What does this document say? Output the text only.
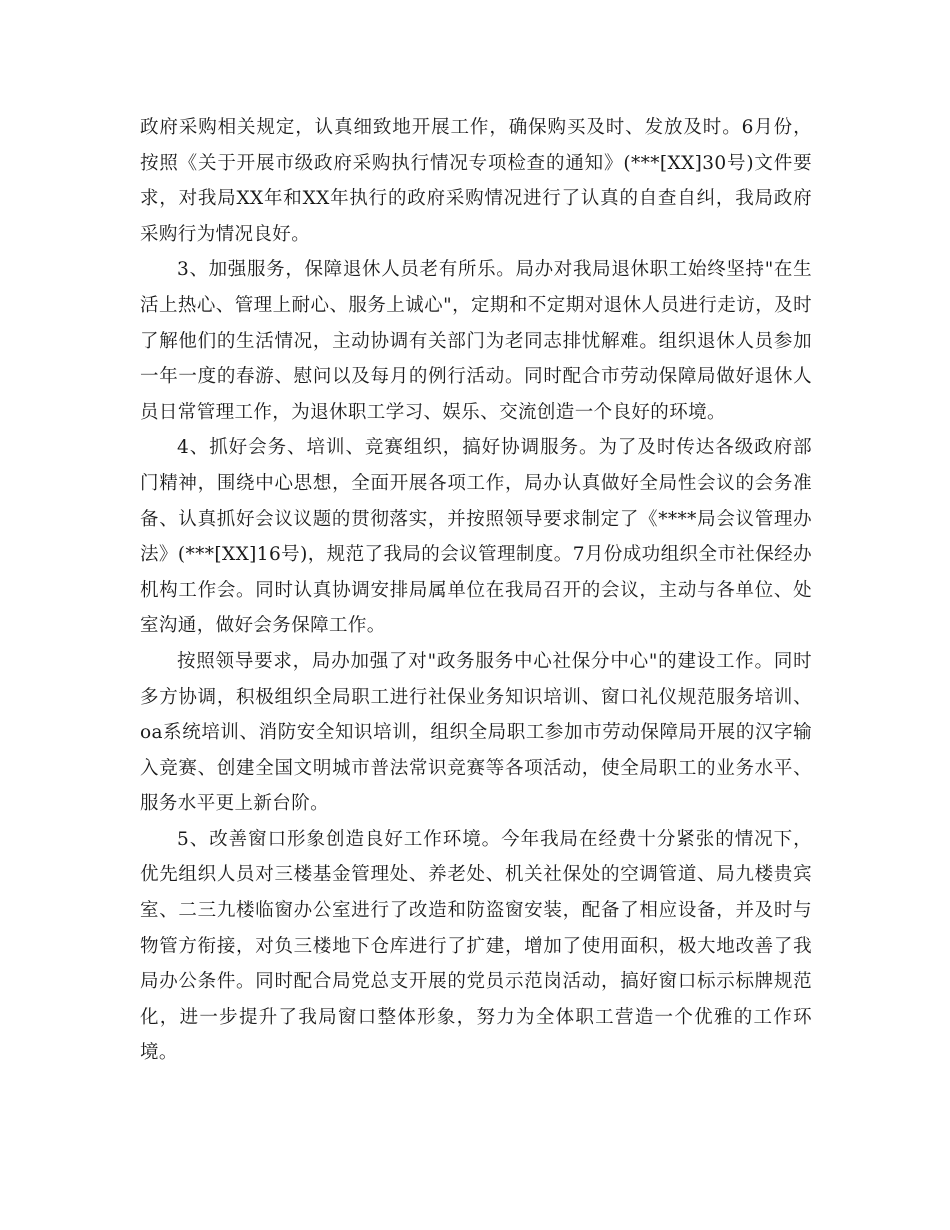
政府采购相关规定，认真细致地开展工作，确保购买及时、发放及时。6月份，按照《关于开展市级政府采购执行情况专项检查的通知》(***[XX]30号)文件要求，对我局XX年和XX年执行的政府采购情况进行了认真的自查自纠，我局政府采购行为情况良好。

3、加强服务，保障退休人员老有所乐。局办对我局退休职工始终坚持"在生活上热心、管理上耐心、服务上诚心"，定期和不定期对退休人员进行走访，及时了解他们的生活情况，主动协调有关部门为老同志排忧解难。组织退休人员参加一年一度的春游、慰问以及每月的例行活动。同时配合市劳动保障局做好退休人员日常管理工作，为退休职工学习、娱乐、交流创造一个良好的环境。

4、抓好会务、培训、竞赛组织，搞好协调服务。为了及时传达各级政府部门精神，围绕中心思想，全面开展各项工作，局办认真做好全局性会议的会务准备、认真抓好会议议题的贯彻落实，并按照领导要求制定了《****局会议管理办法》(***[XX]16号)，规范了我局的会议管理制度。7月份成功组织全市社保经办机构工作会。同时认真协调安排局属单位在我局召开的会议，主动与各单位、处室沟通，做好会务保障工作。

按照领导要求，局办加强了对"政务服务中心社保分中心"的建设工作。同时多方协调，积极组织全局职工进行社保业务知识培训、窗口礼仪规范服务培训、oa系统培训、消防安全知识培训，组织全局职工参加市劳动保障局开展的汉字输入竞赛、创建全国文明城市普法常识竞赛等各项活动，使全局职工的业务水平、服务水平更上新台阶。

5、改善窗口形象创造良好工作环境。今年我局在经费十分紧张的情况下，优先组织人员对三楼基金管理处、养老处、机关社保处的空调管道、局九楼贵宾室、二三九楼临窗办公室进行了改造和防盗窗安装，配备了相应设备，并及时与物管方衔接，对负三楼地下仓库进行了扩建，增加了使用面积，极大地改善了我局办公条件。同时配合局党总支开展的党员示范岗活动，搞好窗口标示标牌规范化，进一步提升了我局窗口整体形象，努力为全体职工营造一个优雅的工作环境。
